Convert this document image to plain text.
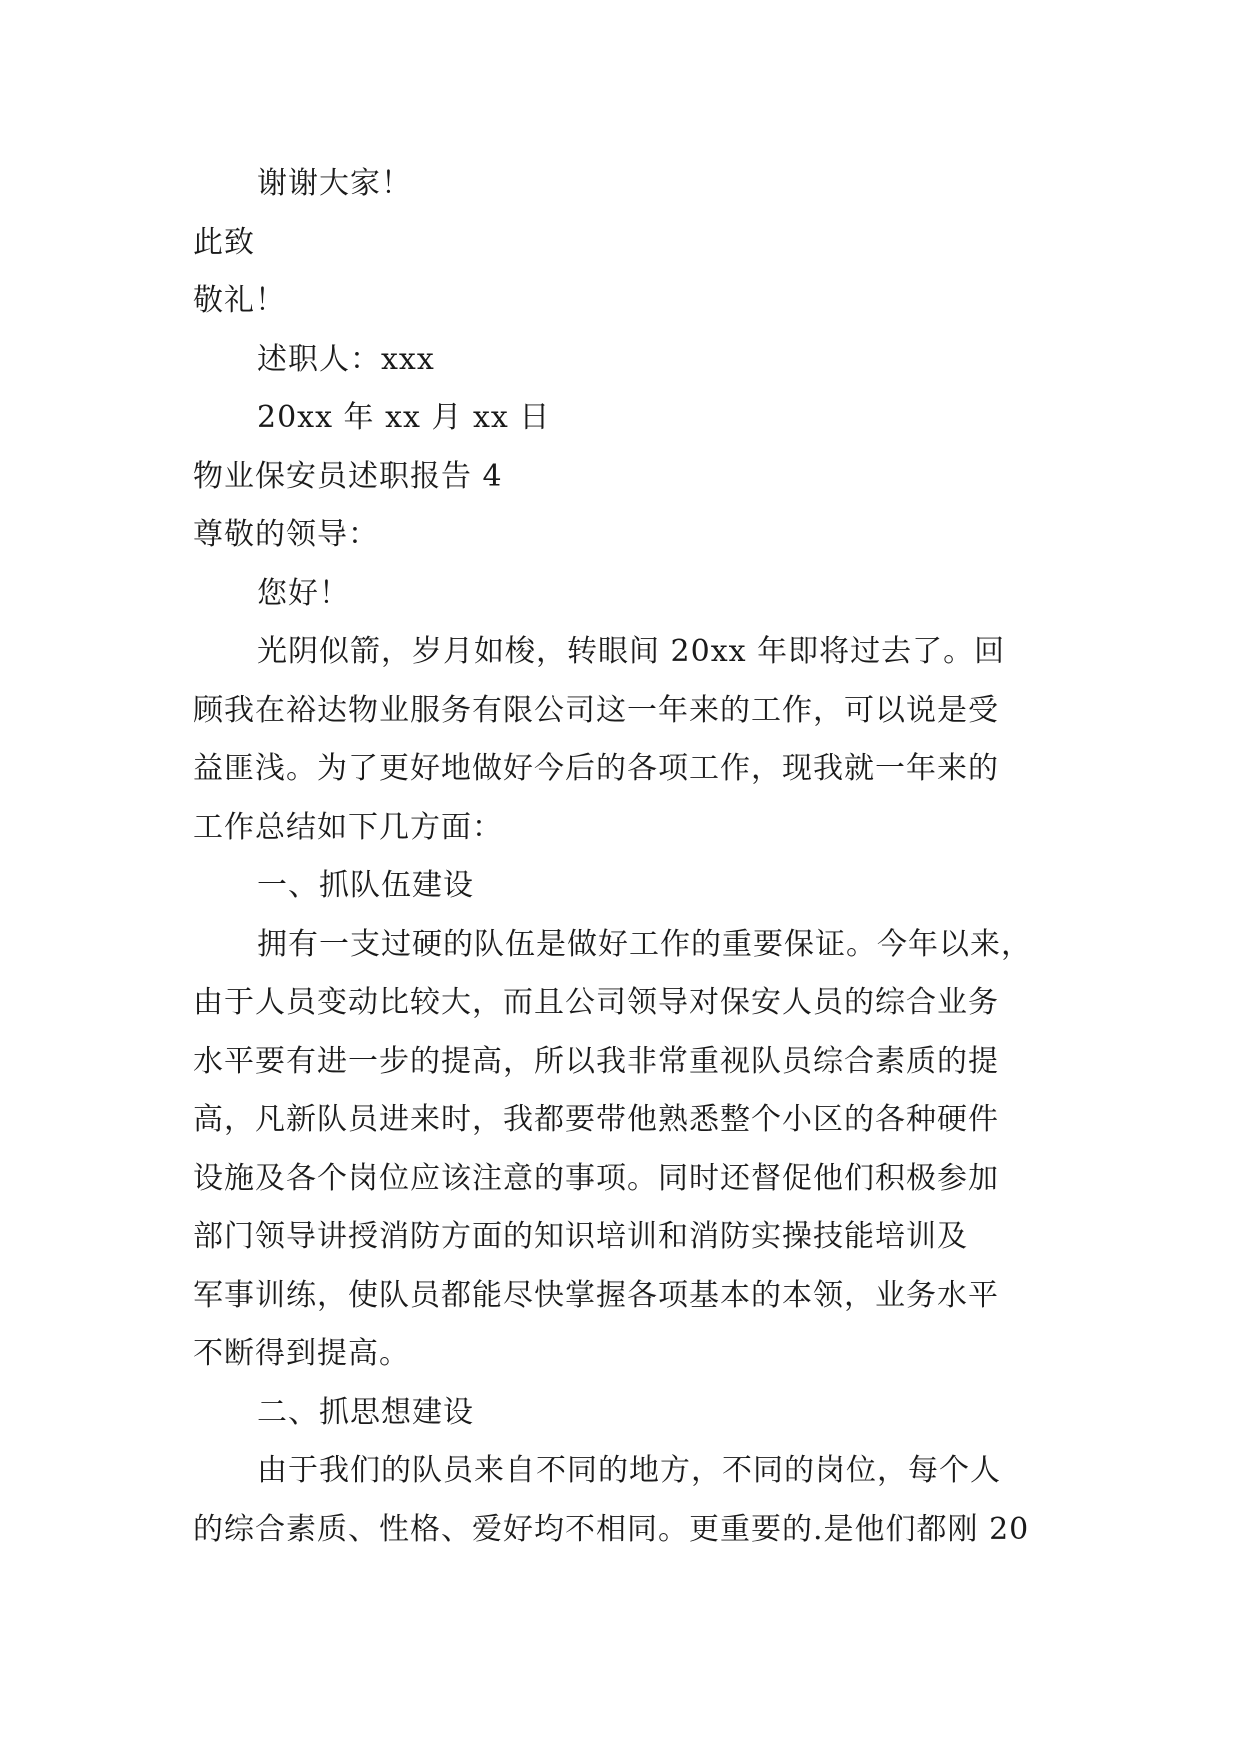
谢谢大家！
此致
敬礼！
述职人：xxx
20xx 年 xx 月 xx 日
物业保安员述职报告 4
尊敬的领导：
您好！
光阴似箭，岁月如梭，转眼间 20xx 年即将过去了。回
顾我在裕达物业服务有限公司这一年来的工作，可以说是受
益匪浅。为了更好地做好今后的各项工作，现我就一年来的
工作总结如下几方面：
一、抓队伍建设
拥有一支过硬的队伍是做好工作的重要保证。今年以来，
由于人员变动比较大，而且公司领导对保安人员的综合业务
水平要有进一步的提高，所以我非常重视队员综合素质的提
高，凡新队员进来时，我都要带他熟悉整个小区的各种硬件
设施及各个岗位应该注意的事项。同时还督促他们积极参加
部门领导讲授消防方面的知识培训和消防实操技能培训及
军事训练，使队员都能尽快掌握各项基本的本领，业务水平
不断得到提高。
二、抓思想建设
由于我们的队员来自不同的地方，不同的岗位，每个人
的综合素质、性格、爱好均不相同。更重要的.是他们都刚 20
